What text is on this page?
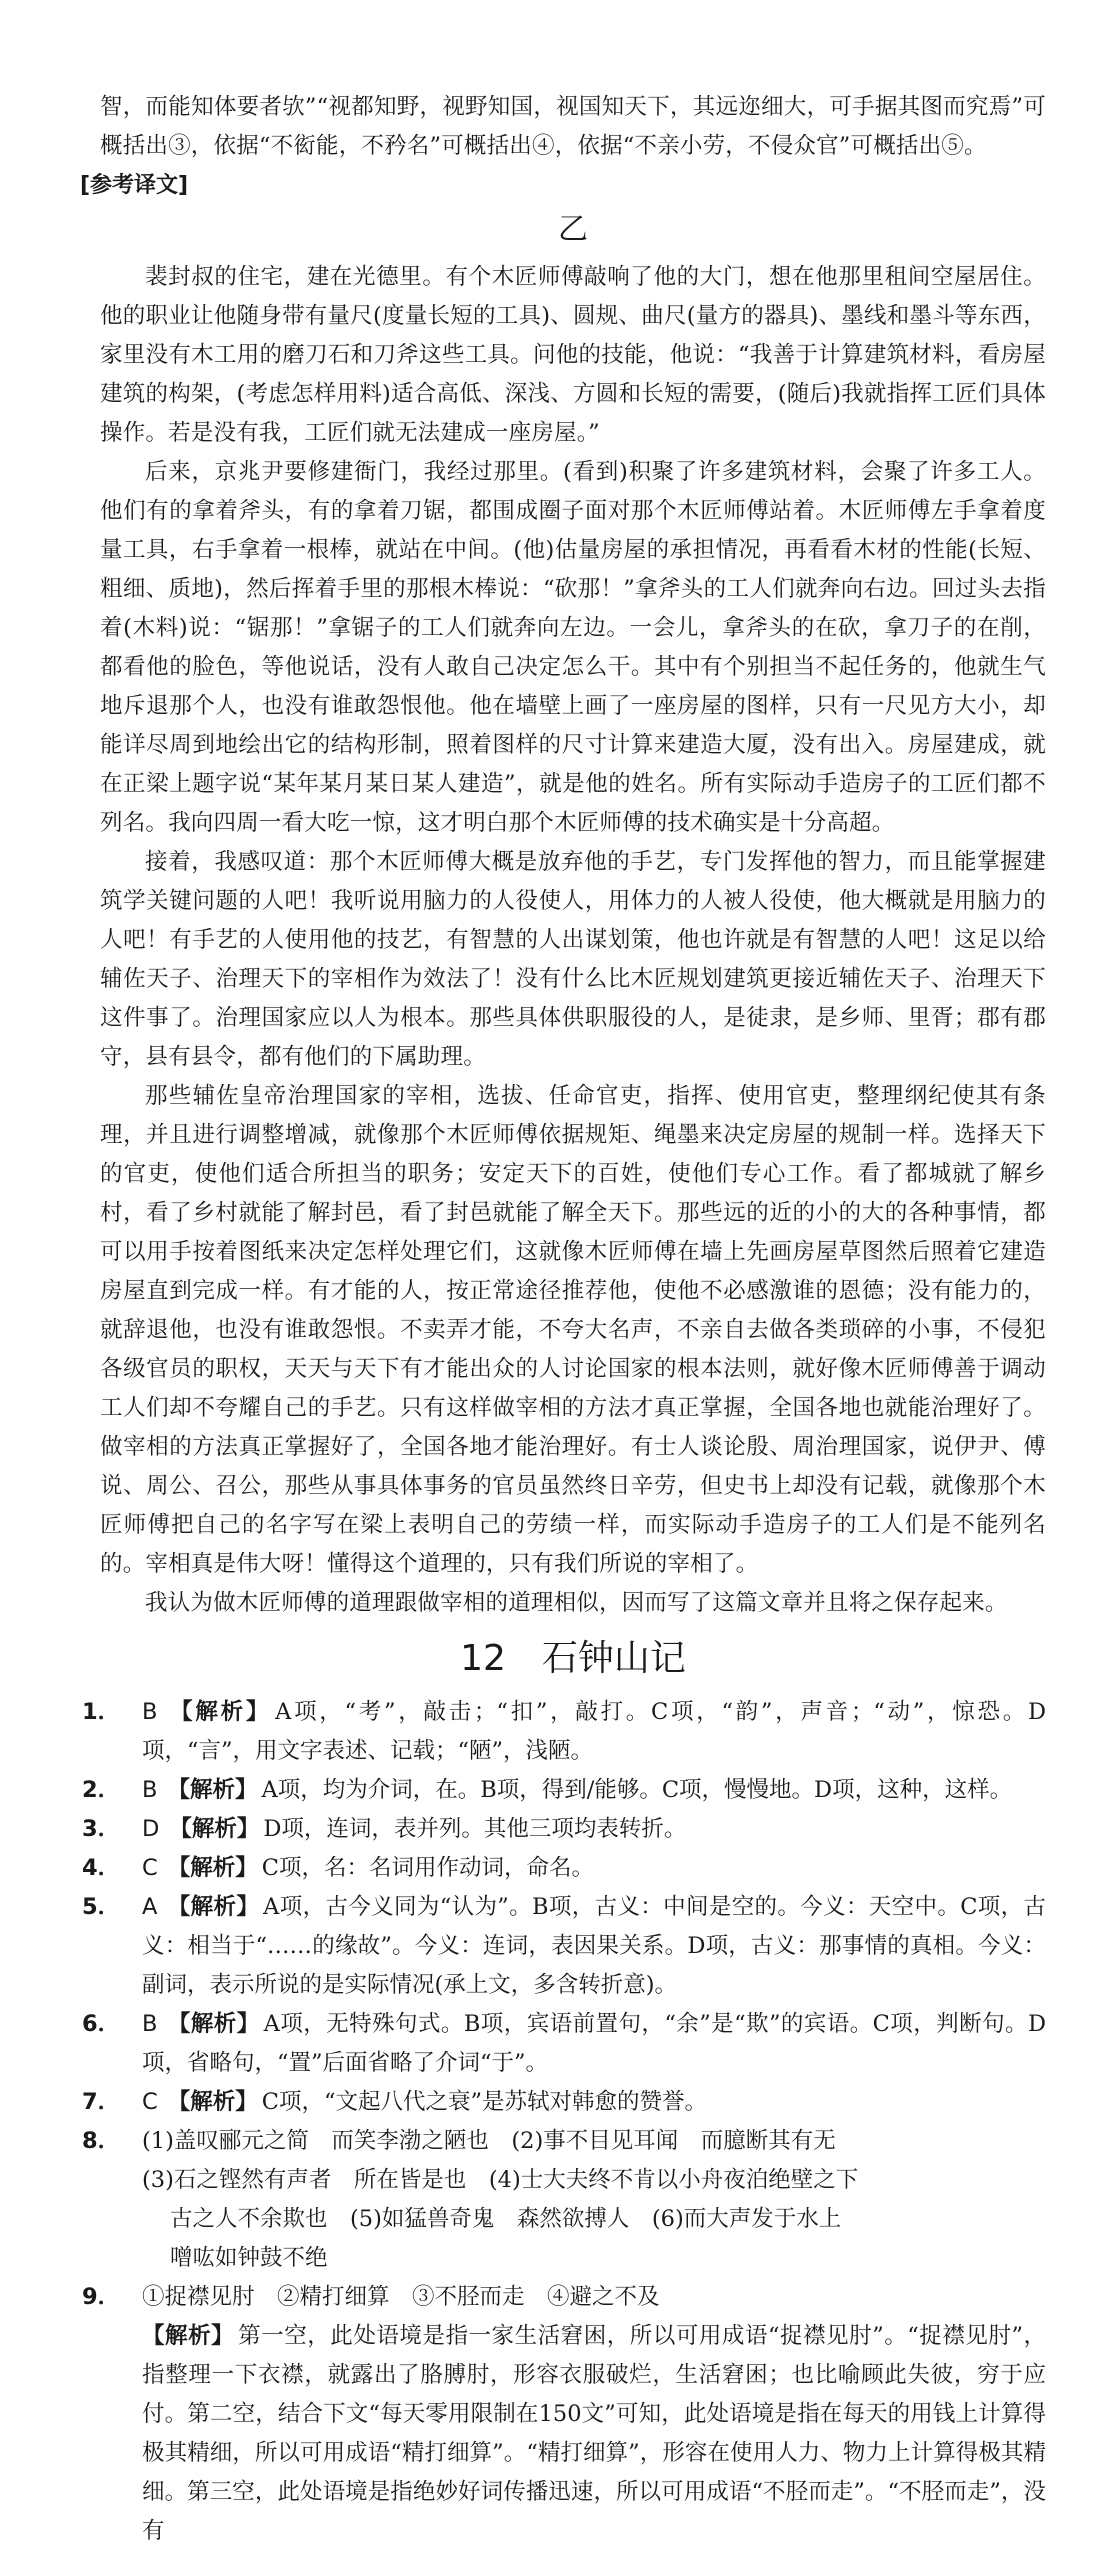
智，而能知体要者欤”“视都知野，视野知国，视国知天下，其远迩细大，可手据其图而究焉”可概括出③，依据“不衒能，不矜名”可概括出④，依据“不亲小劳，不侵众官”可概括出⑤。

[参考译文]
乙

裴封叔的住宅，建在光德里。有个木匠师傅敲响了他的大门，想在他那里租间空屋居住。他的职业让他随身带有量尺(度量长短的工具)、圆规、曲尺(量方的器具)、墨线和墨斗等东西，家里没有木工用的磨刀石和刀斧这些工具。问他的技能，他说：“我善于计算建筑材料，看房屋建筑的构架，(考虑怎样用料)适合高低、深浅、方圆和长短的需要，(随后)我就指挥工匠们具体操作。若是没有我，工匠们就无法建成一座房屋。”

后来，京兆尹要修建衙门，我经过那里。(看到)积聚了许多建筑材料，会聚了许多工人。他们有的拿着斧头，有的拿着刀锯，都围成圈子面对那个木匠师傅站着。木匠师傅左手拿着度量工具，右手拿着一根棒，就站在中间。(他)估量房屋的承担情况，再看看木材的性能(长短、粗细、质地)，然后挥着手里的那根木棒说：“砍那！”拿斧头的工人们就奔向右边。回过头去指着(木料)说：“锯那！”拿锯子的工人们就奔向左边。一会儿，拿斧头的在砍，拿刀子的在削，都看他的脸色，等他说话，没有人敢自己决定怎么干。其中有个别担当不起任务的，他就生气地斥退那个人，也没有谁敢怨恨他。他在墙壁上画了一座房屋的图样，只有一尺见方大小，却能详尽周到地绘出它的结构形制，照着图样的尺寸计算来建造大厦，没有出入。房屋建成，就在正梁上题字说“某年某月某日某人建造”，就是他的姓名。所有实际动手造房子的工匠们都不列名。我向四周一看大吃一惊，这才明白那个木匠师傅的技术确实是十分高超。

接着，我感叹道：那个木匠师傅大概是放弃他的手艺，专门发挥他的智力，而且能掌握建筑学关键问题的人吧！我听说用脑力的人役使人，用体力的人被人役使，他大概就是用脑力的人吧！有手艺的人使用他的技艺，有智慧的人出谋划策，他也许就是有智慧的人吧！这足以给辅佐天子、治理天下的宰相作为效法了！没有什么比木匠规划建筑更接近辅佐天子、治理天下这件事了。治理国家应以人为根本。那些具体供职服役的人，是徒隶，是乡师、里胥；郡有郡守，县有县令，都有他们的下属助理。

那些辅佐皇帝治理国家的宰相，选拔、任命官吏，指挥、使用官吏，整理纲纪使其有条理，并且进行调整增减，就像那个木匠师傅依据规矩、绳墨来决定房屋的规制一样。选择天下的官吏，使他们适合所担当的职务；安定天下的百姓，使他们专心工作。看了都城就了解乡村，看了乡村就能了解封邑，看了封邑就能了解全天下。那些远的近的小的大的各种事情，都可以用手按着图纸来决定怎样处理它们，这就像木匠师傅在墙上先画房屋草图然后照着它建造房屋直到完成一样。有才能的人，按正常途径推荐他，使他不必感激谁的恩德；没有能力的，就辞退他，也没有谁敢怨恨。不卖弄才能，不夸大名声，不亲自去做各类琐碎的小事，不侵犯各级官员的职权，天天与天下有才能出众的人讨论国家的根本法则，就好像木匠师傅善于调动工人们却不夸耀自己的手艺。只有这样做宰相的方法才真正掌握，全国各地也就能治理好了。做宰相的方法真正掌握好了，全国各地才能治理好。有士人谈论殷、周治理国家，说伊尹、傅说、周公、召公，那些从事具体事务的官员虽然终日辛劳，但史书上却没有记载，就像那个木匠师傅把自己的名字写在梁上表明自己的劳绩一样，而实际动手造房子的工人们是不能列名的。宰相真是伟大呀！懂得这个道理的，只有我们所说的宰相了。

我认为做木匠师傅的道理跟做宰相的道理相似，因而写了这篇文章并且将之保存起来。

12　石钟山记
1． B 【解析】 A项，“考”，敲击；“扣”，敲打。C项，“韵”，声音；“动”，惊恐。D项，“言”，用文字表述、记载；“陋”，浅陋。
2． B 【解析】 A项，均为介词，在。B项，得到/能够。C项，慢慢地。D项，这种，这样。
3． D 【解析】 D项，连词，表并列。其他三项均表转折。
4． C 【解析】 C项，名：名词用作动词，命名。
5． A 【解析】 A项，古今义同为“认为”。B项，古义：中间是空的。今义：天空中。C项，古义：相当于“……的缘故”。今义：连词，表因果关系。D项，古义：那事情的真相。今义：副词，表示所说的是实际情况(承上文，多含转折意)。
6． B 【解析】 A项，无特殊句式。B项，宾语前置句，“余”是“欺”的宾语。C项，判断句。D项，省略句，“置”后面省略了介词“于”。
7． C 【解析】 C项，“文起八代之衰”是苏轼对韩愈的赞誉。
8． (1)盖叹郦元之简　而笑李渤之陋也　(2)事不目见耳闻　而臆断其有无
(3)石之铿然有声者　所在皆是也　(4)士大夫终不肯以小舟夜泊绝壁之下
古之人不余欺也　(5)如猛兽奇鬼　森然欲搏人　(6)而大声发于水上
噌吰如钟鼓不绝
9． ①捉襟见肘　②精打细算　③不胫而走　④避之不及
【解析】 第一空，此处语境是指一家生活窘困，所以可用成语“捉襟见肘”。“捉襟见肘”，指整理一下衣襟，就露出了胳膊肘，形容衣服破烂，生活窘困；也比喻顾此失彼，穷于应付。第二空，结合下文“每天零用限制在150文”可知，此处语境是指在每天的用钱上计算得极其精细，所以可用成语“精打细算”。“精打细算”，形容在使用人力、物力上计算得极其精细。第三空，此处语境是指绝妙好词传播迅速，所以可用成语“不胫而走”。“不胫而走”，没有
